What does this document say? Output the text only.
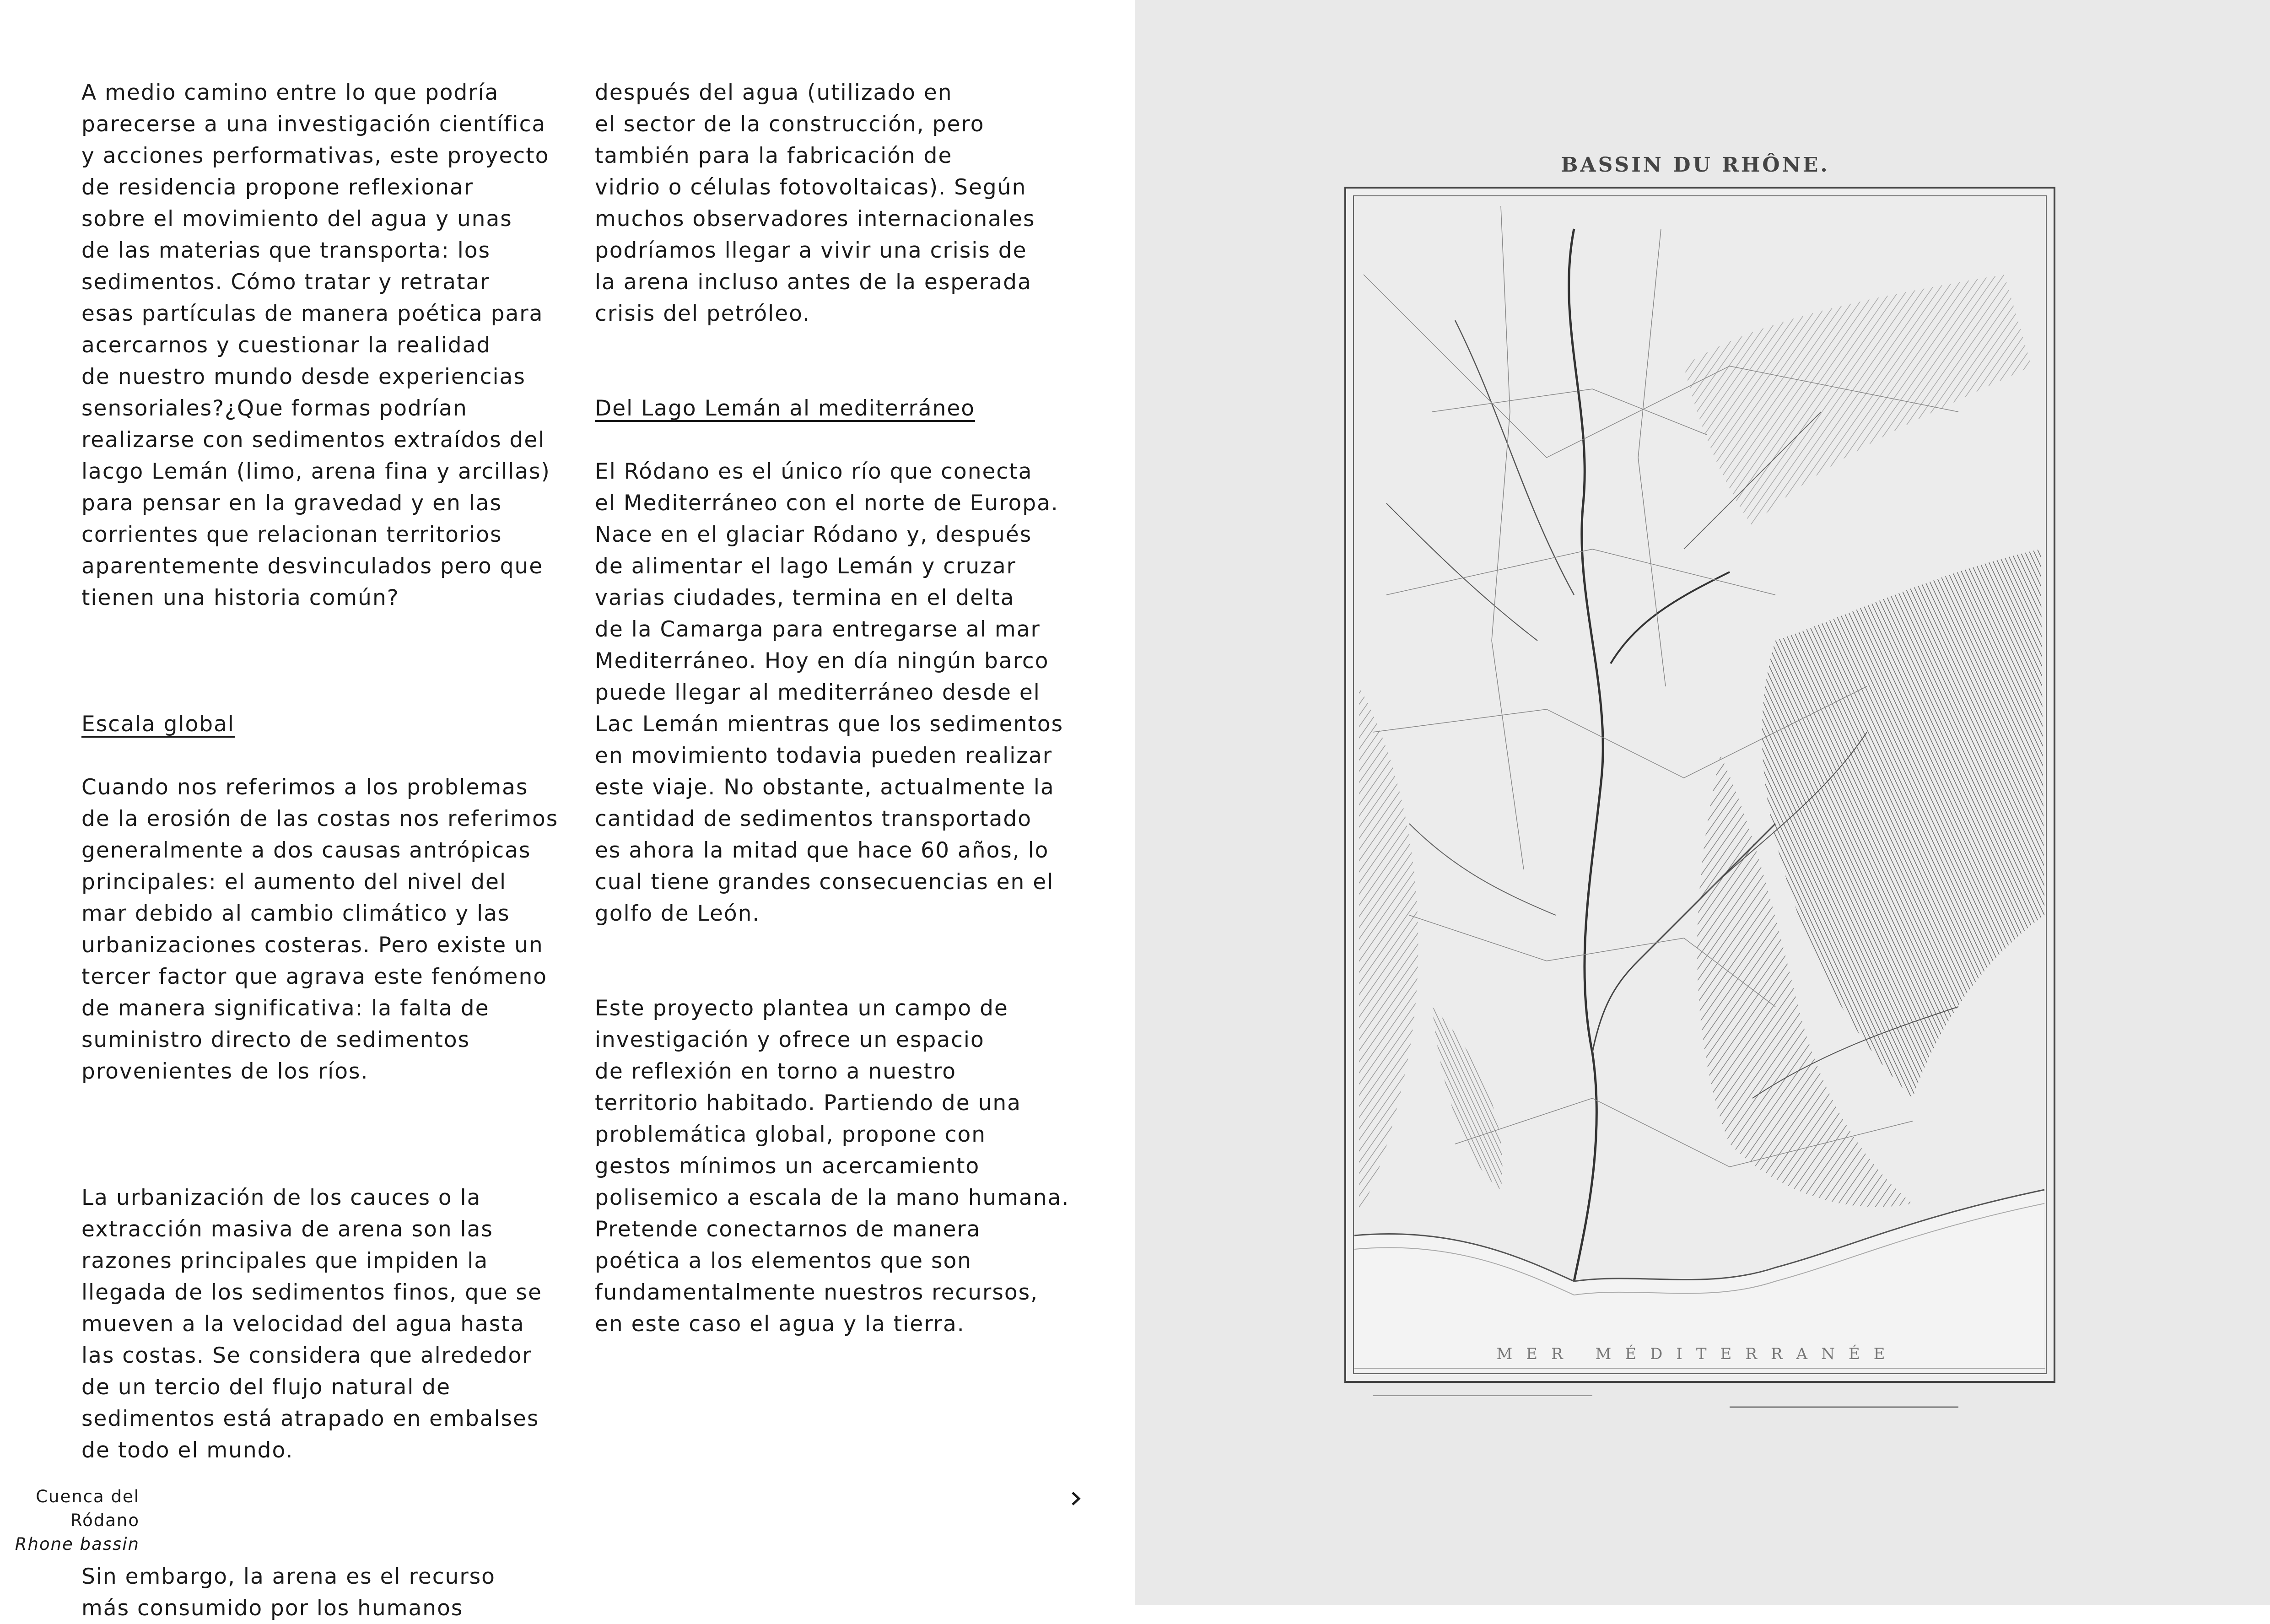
A medio camino entre lo que podría
parecerse a una investigación científica
y acciones performativas, este proyecto
de residencia propone reflexionar
sobre el movimiento del agua y unas
de las materias que transporta: los
sedimentos. Cómo tratar y retratar
esas partículas de manera poética para
acercarnos y cuestionar la realidad
de nuestro mundo desde experiencias
sensoriales?¿Que formas podrían
realizarse con sedimentos extraídos del
lacgo Lemán (limo, arena fina y arcillas)
para pensar en la gravedad y en las
corrientes que relacionan territorios
aparentemente desvinculados pero que
tienen una historia común?

Escala global

Cuando nos referimos a los problemas
de la erosión de las costas nos referimos
generalmente a dos causas antrópicas
principales: el aumento del nivel del
mar debido al cambio climático y las
urbanizaciones costeras. Pero existe un
tercer factor que agrava este fenómeno
de manera significativa: la falta de
suministro directo de sedimentos
provenientes de los ríos.

La urbanización de los cauces o la
extracción masiva de arena son las
razones principales que impiden la
llegada de los sedimentos finos, que se
mueven a la velocidad del agua hasta
las costas. Se considera que alrededor
de un tercio del flujo natural de
sedimentos está atrapado en embalses
de todo el mundo.

Sin embargo, la arena es el recurso
más consumido por los humanos

después del agua (utilizado en
el sector de la construcción, pero
también para la fabricación de
vidrio o células fotovoltaicas). Según
muchos observadores internacionales
podríamos llegar a vivir una crisis de
la arena incluso antes de la esperada
crisis del petróleo.

Del Lago Lemán al mediterráneo

El Ródano es el único río que conecta
el Mediterráneo con el norte de Europa.
Nace en el glaciar Ródano y, después
de alimentar el lago Lemán y cruzar
varias ciudades, termina en el delta
de la Camarga para entregarse al mar
Mediterráneo. Hoy en día ningún barco
puede llegar al mediterráneo desde el
Lac Lemán mientras que los sedimentos
en movimiento todavia pueden realizar
este viaje. No obstante, actualmente la
cantidad de sedimentos transportado
es ahora la mitad que hace 60 años, lo
cual tiene grandes consecuencias en el
golfo de León.

Este proyecto plantea un campo de
investigación y ofrece un espacio
de reflexión en torno a nuestro
territorio habitado. Partiendo de una
problemática global, propone con
gestos mínimos un acercamiento
polisemico a escala de la mano humana.
Pretende conectarnos de manera
poética a los elementos que son
fundamentalmente nuestros recursos,
en este caso el agua y la tierra.

Cuenca del Ródano
Rhone bassin
BASSIN DU RHÔNE.
MER MÉDITERRANÉE
